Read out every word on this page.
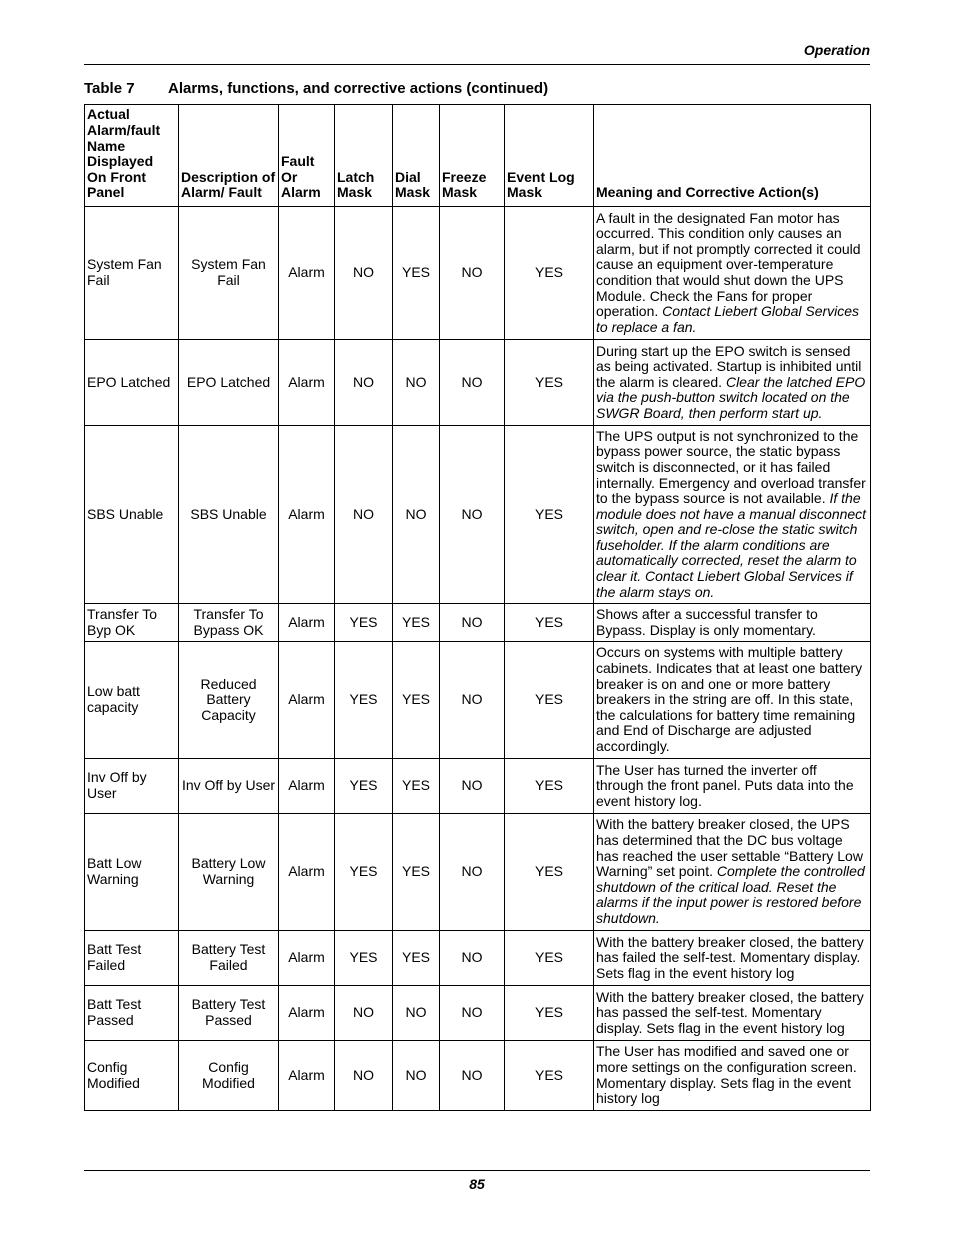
Operation
Table 7 Alarms, functions, and corrective actions (continued)
Actual Alarm/fault Name Displayed On Front Panel	Description of Alarm/ Fault	Fault Or Alarm	Latch Mask	Dial Mask	Freeze Mask	Event Log Mask	Meaning and Corrective Action(s)
System Fan Fail	System Fan Fail	Alarm	NO	YES	NO	YES	A fault in the designated Fan motor has occurred. This condition only causes an alarm, but if not promptly corrected it could cause an equipment over-temperature condition that would shut down the UPS Module. Check the Fans for proper operation. Contact Liebert Global Services to replace a fan.
EPO Latched	EPO Latched	Alarm	NO	NO	NO	YES	During start up the EPO switch is sensed as being activated. Startup is inhibited until the alarm is cleared. Clear the latched EPO via the push-button switch located on the SWGR Board, then perform start up.
SBS Unable	SBS Unable	Alarm	NO	NO	NO	YES	The UPS output is not synchronized to the bypass power source, the static bypass switch is disconnected, or it has failed internally. Emergency and overload transfer to the bypass source is not available. If the module does not have a manual disconnect switch, open and re-close the static switch fuseholder. If the alarm conditions are automatically corrected, reset the alarm to clear it. Contact Liebert Global Services if the alarm stays on.
Transfer To Byp OK	Transfer To Bypass OK	Alarm	YES	YES	NO	YES	Shows after a successful transfer to Bypass. Display is only momentary.
Low batt capacity	Reduced Battery Capacity	Alarm	YES	YES	NO	YES	Occurs on systems with multiple battery cabinets. Indicates that at least one battery breaker is on and one or more battery breakers in the string are off. In this state, the calculations for battery time remaining and End of Discharge are adjusted accordingly.
Inv Off by User	Inv Off by User	Alarm	YES	YES	NO	YES	The User has turned the inverter off through the front panel. Puts data into the event history log.
Batt Low Warning	Battery Low Warning	Alarm	YES	YES	NO	YES	With the battery breaker closed, the UPS has determined that the DC bus voltage has reached the user settable “Battery Low Warning” set point. Complete the controlled shutdown of the critical load. Reset the alarms if the input power is restored before shutdown.
Batt Test Failed	Battery Test Failed	Alarm	YES	YES	NO	YES	With the battery breaker closed, the battery has failed the self-test. Momentary display. Sets flag in the event history log
Batt Test Passed	Battery Test Passed	Alarm	NO	NO	NO	YES	With the battery breaker closed, the battery has passed the self-test. Momentary display. Sets flag in the event history log
Config Modified	Config Modified	Alarm	NO	NO	NO	YES	The User has modified and saved one or more settings on the configuration screen. Momentary display. Sets flag in the event history log
85
